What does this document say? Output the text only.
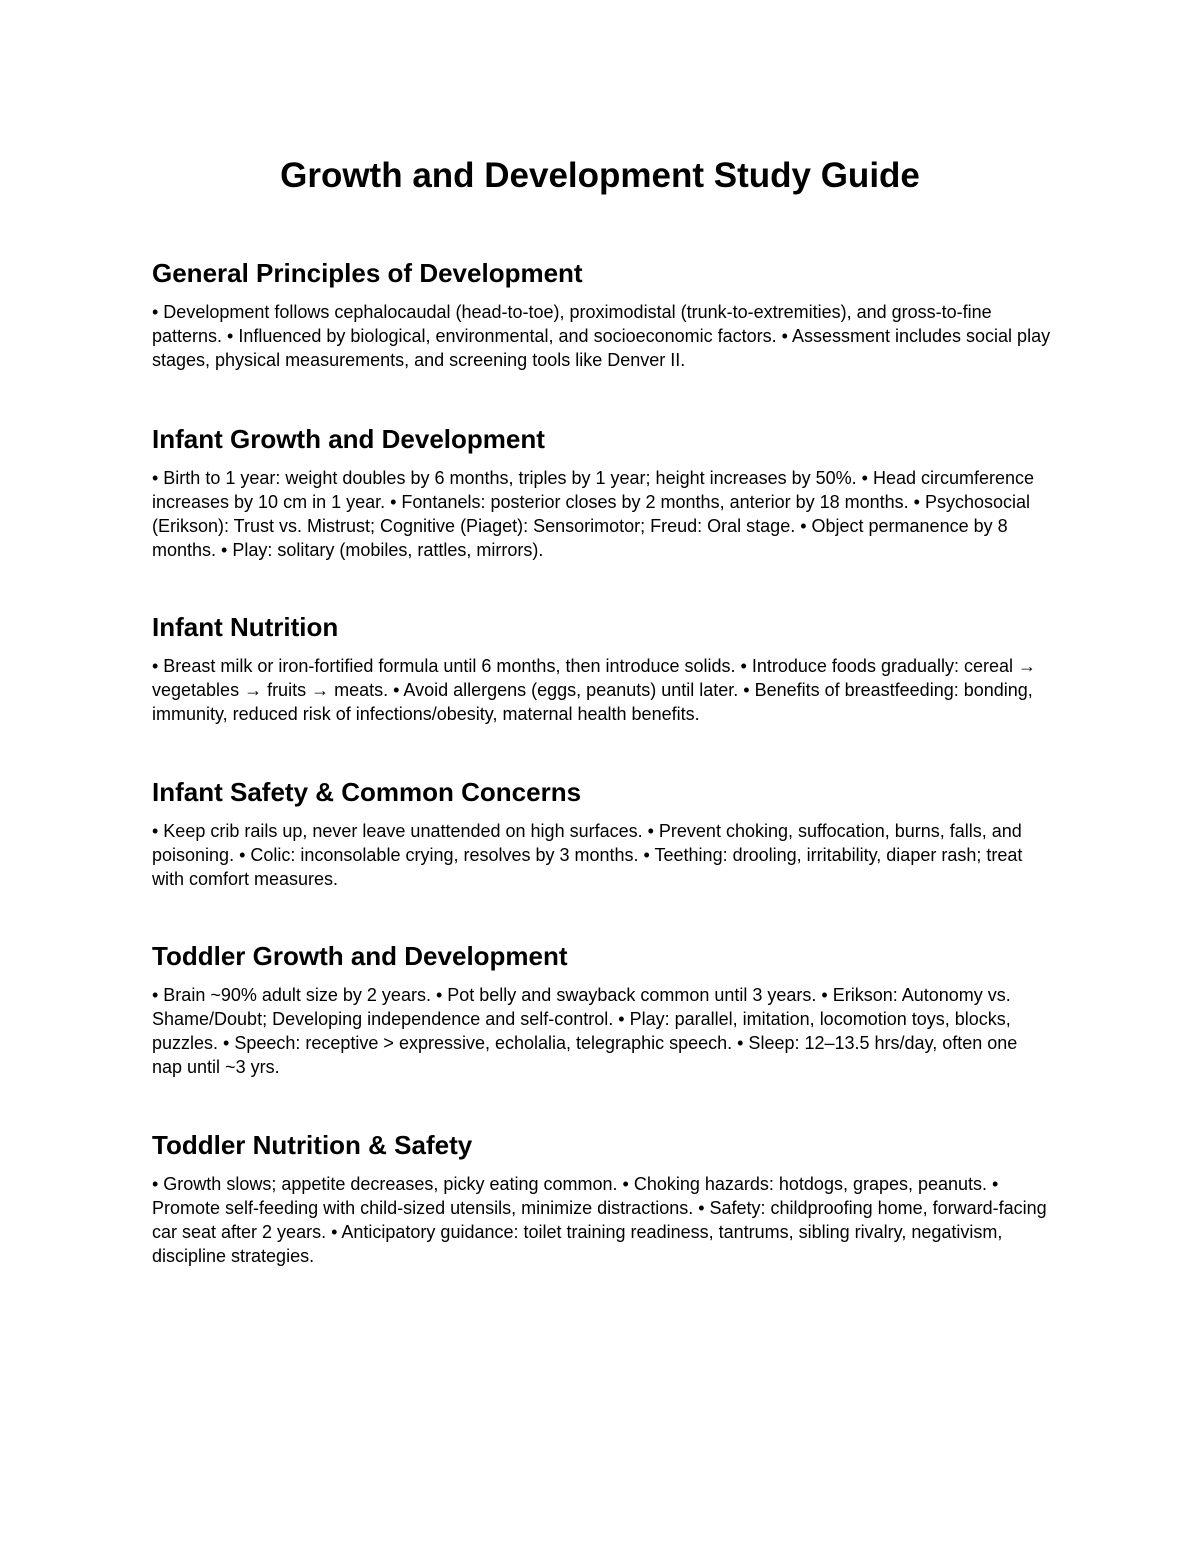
Growth and Development Study Guide
General Principles of Development

• Development follows cephalocaudal (head-to-toe), proximodistal (trunk-to-extremities), and gross-to-fine patterns. • Influenced by biological, environmental, and socioeconomic factors. • Assessment includes social play stages, physical measurements, and screening tools like Denver II.

Infant Growth and Development

• Birth to 1 year: weight doubles by 6 months, triples by 1 year; height increases by 50%. • Head circumference increases by 10 cm in 1 year. • Fontanels: posterior closes by 2 months, anterior by 18 months. • Psychosocial (Erikson): Trust vs. Mistrust; Cognitive (Piaget): Sensorimotor; Freud: Oral stage. • Object permanence by 8 months. • Play: solitary (mobiles, rattles, mirrors).

Infant Nutrition

• Breast milk or iron-fortified formula until 6 months, then introduce solids. • Introduce foods gradually: cereal → vegetables → fruits → meats. • Avoid allergens (eggs, peanuts) until later. • Benefits of breastfeeding: bonding, immunity, reduced risk of infections/obesity, maternal health benefits.

Infant Safety & Common Concerns

• Keep crib rails up, never leave unattended on high surfaces. • Prevent choking, suffocation, burns, falls, and poisoning. • Colic: inconsolable crying, resolves by 3 months. • Teething: drooling, irritability, diaper rash; treat with comfort measures.

Toddler Growth and Development

• Brain ~90% adult size by 2 years. • Pot belly and swayback common until 3 years. • Erikson: Autonomy vs. Shame/Doubt; Developing independence and self-control. • Play: parallel, imitation, locomotion toys, blocks, puzzles. • Speech: receptive > expressive, echolalia, telegraphic speech. • Sleep: 12–13.5 hrs/day, often one nap until ~3 yrs.

Toddler Nutrition & Safety

• Growth slows; appetite decreases, picky eating common. • Choking hazards: hotdogs, grapes, peanuts. • Promote self-feeding with child-sized utensils, minimize distractions. • Safety: childproofing home, forward-facing car seat after 2 years. • Anticipatory guidance: toilet training readiness, tantrums, sibling rivalry, negativism, discipline strategies.
